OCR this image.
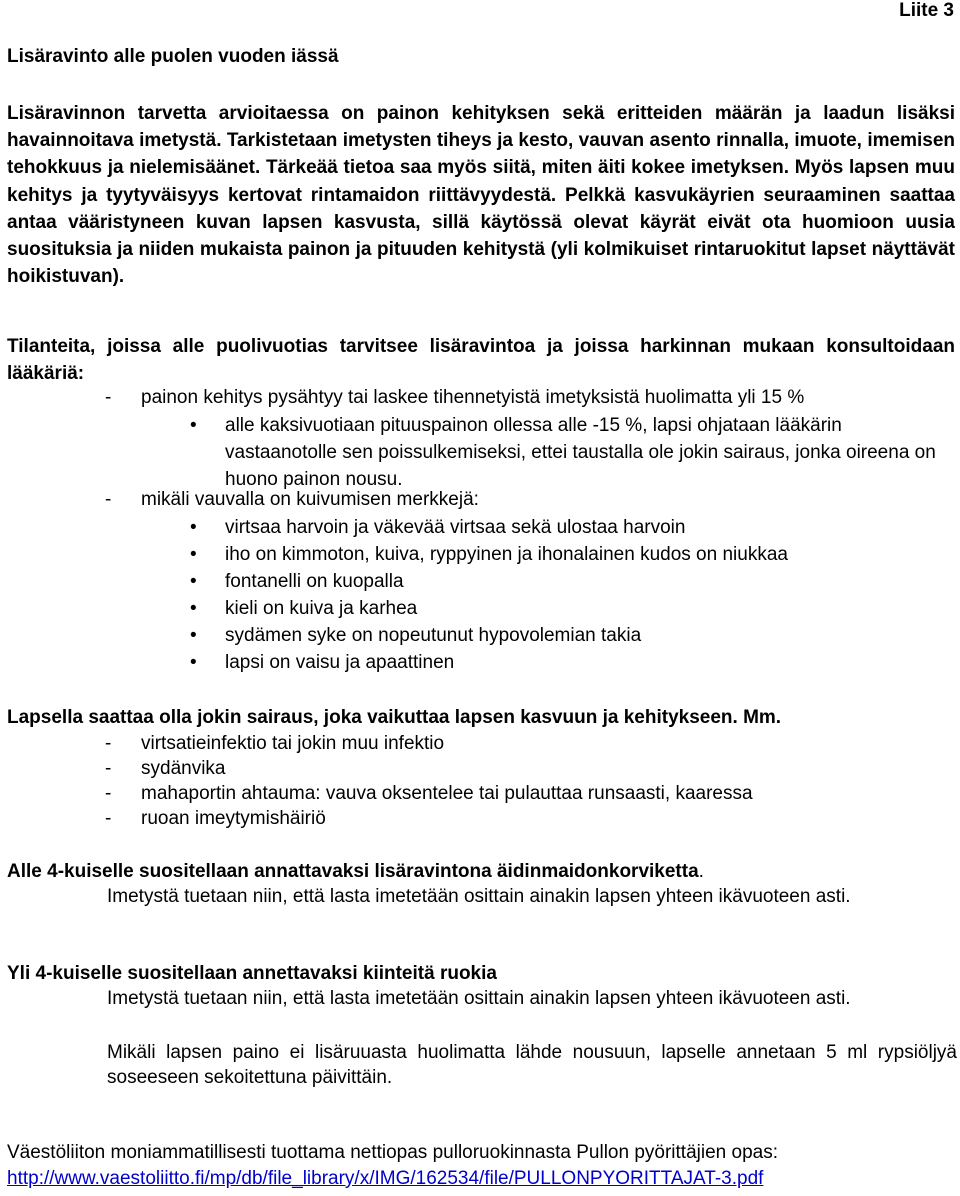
Liite 3
Lisäravinto alle puolen vuoden iässä

Lisäravinnon tarvetta arvioitaessa on painon kehityksen sekä eritteiden määrän ja laadun lisäksi havainnoitava imetystä. Tarkistetaan imetysten tiheys ja kesto, vauvan asento rinnalla, imuote, imemisen tehokkuus ja nielemisäänet. Tärkeää tietoa saa myös siitä, miten äiti kokee imetyksen. Myös lapsen muu kehitys ja tyytyväisyys kertovat rintamaidon riittävyydestä. Pelkkä kasvukäyrien seuraaminen saattaa antaa vääristyneen kuvan lapsen kasvusta, sillä käytössä olevat käyrät eivät ota huomioon uusia suosituksia ja niiden mukaista painon ja pituuden kehitystä (yli kolmikuiset rintaruokitut lapset näyttävät hoikistuvan).

Tilanteita, joissa alle puolivuotias tarvitsee lisäravintoa ja joissa harkinnan mukaan konsultoidaan lääkäriä:
- painon kehitys pysähtyy tai laskee tihennetyistä imetyksistä huolimatta yli 15 %
• alle kaksivuotiaan pituuspainon ollessa alle -15 %, lapsi ohjataan lääkärin vastaanotolle sen poissulkemiseksi, ettei taustalla ole jokin sairaus, jonka oireena on huono painon nousu.
- mikäli vauvalla on kuivumisen merkkejä:
• virtsaa harvoin ja väkevää virtsaa sekä ulostaa harvoin
• iho on kimmoton, kuiva, ryppyinen ja ihonalainen kudos on niukkaa
• fontanelli on kuopalla
• kieli on kuiva ja karhea
• sydämen syke on nopeutunut hypovolemian takia
• lapsi on vaisu ja apaattinen
Lapsella saattaa olla jokin sairaus, joka vaikuttaa lapsen kasvuun ja kehitykseen. Mm.
- virtsatieinfektio tai jokin muu infektio
- sydänvika
- mahaportin ahtauma: vauva oksentelee tai pulauttaa runsaasti, kaaressa
- ruoan imeytymishäiriö
Alle 4-kuiselle suositellaan annattavaksi lisäravintona äidinmaidonkorviketta.

Imetystä tuetaan niin, että lasta imetetään osittain ainakin lapsen yhteen ikävuoteen asti.

Yli 4-kuiselle suositellaan annettavaksi kiinteitä ruokia

Imetystä tuetaan niin, että lasta imetetään osittain ainakin lapsen yhteen ikävuoteen asti.

Mikäli lapsen paino ei lisäruuasta huolimatta lähde nousuun, lapselle annetaan 5 ml rypsiöljyä soseeseen sekoitettuna päivittäin.

Väestöliiton moniammatillisesti tuottama nettiopas pulloruokinnasta Pullon pyörittäjien opas:
http://www.vaestoliitto.fi/mp/db/file_library/x/IMG/162534/file/PULLONPYORITTAJAT-3.pdf
